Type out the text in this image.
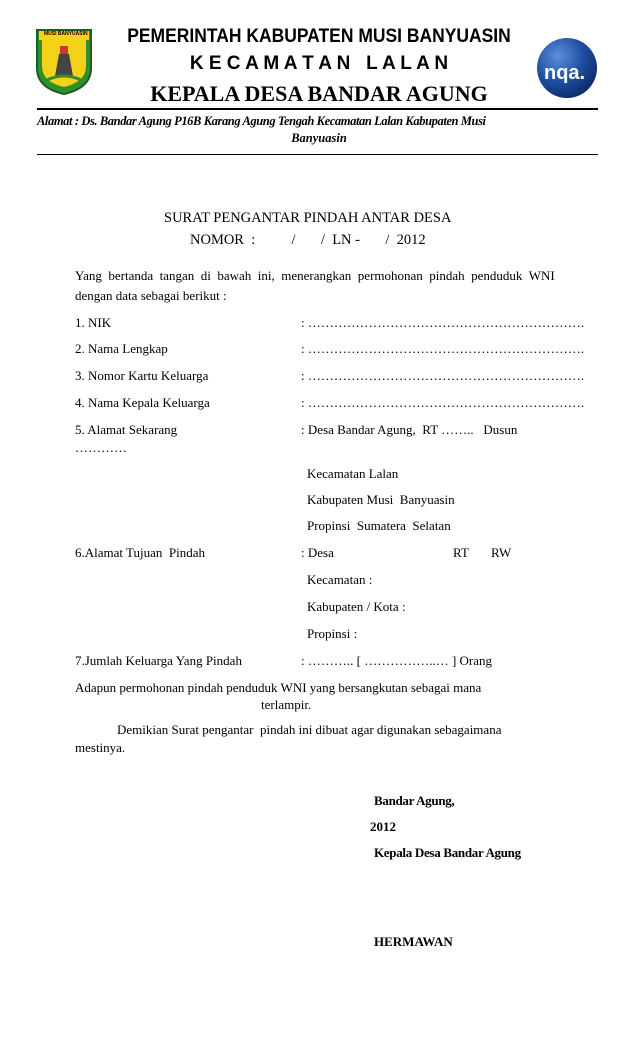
MUSI BANYUASIN
nqa.
PEMERINTAH KABUPATEN MUSI BANYUASIN
K E C A M A T A N   L A L A N
KEPALA DESA BANDAR AGUNG
Alamat : Ds. Bandar Agung P16B Karang Agung Tengah Kecamatan Lalan Kabupaten Musi
Banyuasin
SURAT PENGANTAR PINDAH ANTAR DESA
NOMOR  :          /       /  LN -       /  2012
Yang  bertanda  tangan  di  bawah  ini,  menerangkan  permohonan  pindah  penduduk  WNI
dengan data sebagai berikut :
1. NIK	: ……………………………………………………….
2. Nama Lengkap	: ……………………………………………………….
3. Nomor Kartu Keluarga	: ……………………………………………………….
4. Nama Kepala Keluarga	: ……………………………………………………….
5. Alamat Sekarang	: Desa Bandar Agung,  RT ……..   Dusun
…………
Kecamatan Lalan
Kabupaten Musi  Banyuasin
Propinsi  Sumatera  Selatan
6.Alamat Tujuan  Pindah	: Desa	RT RW
Kecamatan :
Kabupaten / Kota :
Propinsi :
7.Jumlah Keluarga Yang Pindah	: ……….. [ ……………..… ] Orang
Adapun permohonan pindah penduduk WNI yang bersangkutan sebagai mana
terlampir.
Demikian Surat pengantar  pindah ini dibuat agar digunakan sebagaimana
mestinya.
Bandar Agung,
2012
Kepala Desa Bandar Agung
HERMAWAN
